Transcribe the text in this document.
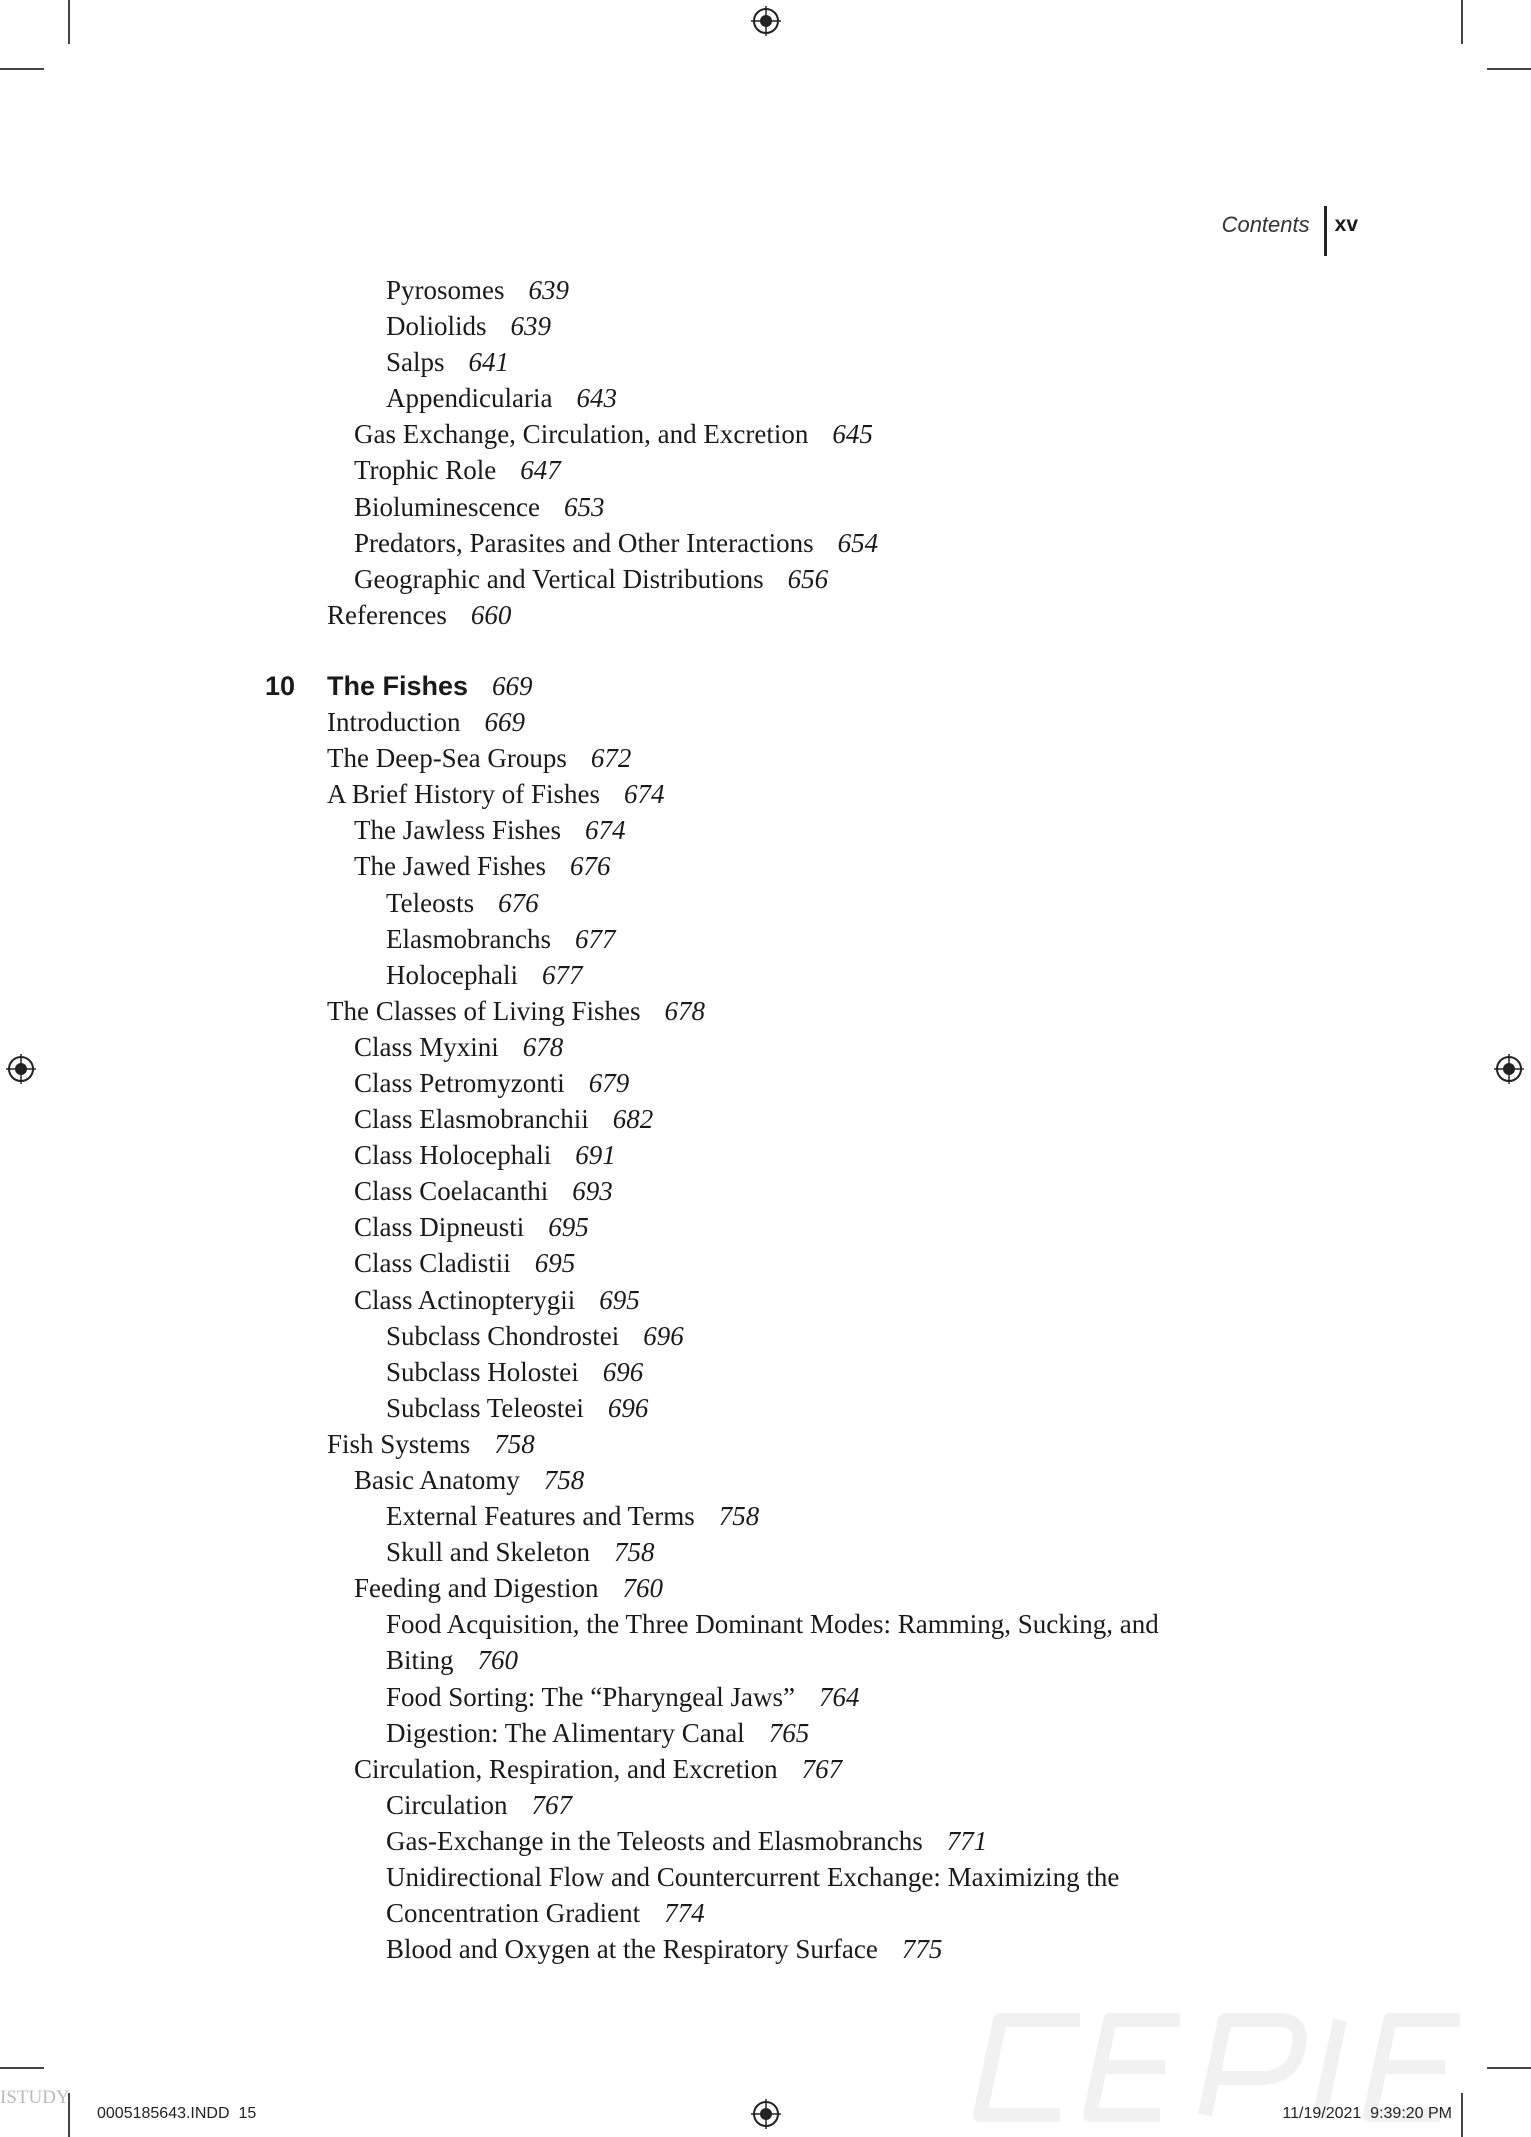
Contents xv
Pyrosomes 639
Doliolids 639
Salps 641
Appendicularia 643
Gas Exchange, Circulation, and Excretion 645
Trophic Role 647
Bioluminescence 653
Predators, Parasites and Other Interactions 654
Geographic and Vertical Distributions 656
References 660
10 The Fishes 669
Introduction 669
The Deep-Sea Groups 672
A Brief History of Fishes 674
The Jawless Fishes 674
The Jawed Fishes 676
Teleosts 676
Elasmobranchs 677
Holocephali 677
The Classes of Living Fishes 678
Class Myxini 678
Class Petromyzonti 679
Class Elasmobranchii 682
Class Holocephali 691
Class Coelacanthi 693
Class Dipneusti 695
Class Cladistii 695
Class Actinopterygii 695
Subclass Chondrostei 696
Subclass Holostei 696
Subclass Teleostei 696
Fish Systems 758
Basic Anatomy 758
External Features and Terms 758
Skull and Skeleton 758
Feeding and Digestion 760
Food Acquisition, the Three Dominant Modes: Ramming, Sucking, and Biting 760
Food Sorting: The “Pharyngeal Jaws” 764
Digestion: The Alimentary Canal 765
Circulation, Respiration, and Excretion 767
Circulation 767
Gas-Exchange in the Teleosts and Elasmobranchs 771
Unidirectional Flow and Countercurrent Exchange: Maximizing the Concentration Gradient 774
Blood and Oxygen at the Respiratory Surface 775
ISTUDY
0005185643.INDD 15	11/19/2021 9:39:20 PM
